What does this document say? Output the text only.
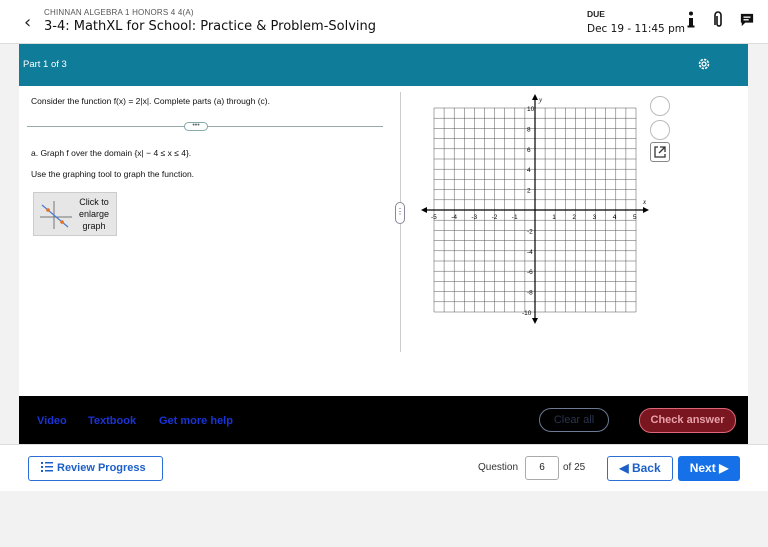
‹ CHINNAN ALGEBRA 1 HONORS 4 4(A)
3-4: MathXL for School: Practice & Problem-Solving
DUE
Dec 19 - 11:45 pm
Part 1 of 3
Consider the function f(x) = 2|x|. Complete parts (a) through (c).
•••
a. Graph f over the domain {x| − 4 ≤ x ≤ 4}.
Use the graphing tool to graph the function.
Click to enlarge graph
⋮
x
y
-5 -4 -3 -2 -1	1	2	3	4	5
10
8
6
4
2
-2
-4
-6
-8
-10
Video Textbook Get more help	Clear all	Check answer
Review Progress	Question	6	of 25	◀ Back	Next ▶
